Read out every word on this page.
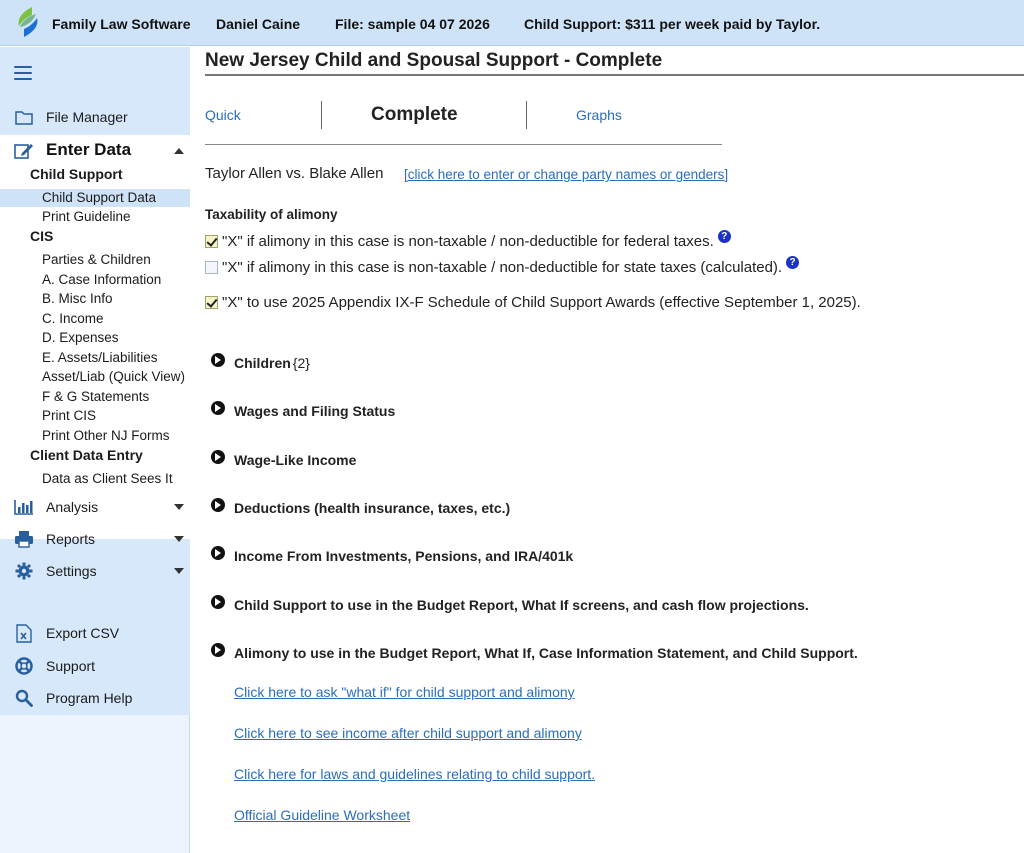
Family Law Software Daniel Caine File: sample 04 07 2026 Child Support: $311 per week paid by Taylor.
File Manager
Enter Data
Child Support
Child Support Data
Print Guideline
CIS
Parties & Children
A. Case Information
B. Misc Info
C. Income
D. Expenses
E. Assets/Liabilities
Asset/Liab (Quick View)
F & G Statements
Print CIS
Print Other NJ Forms
Client Data Entry
Data as Client Sees It
Analysis
Reports
Settings
Export CSV
Support
Program Help
New Jersey Child and Spousal Support - Complete
Quick	Complete	Graphs
Taylor Allen vs. Blake Allen [click here to enter or change party names or genders]
Taxability of alimony
"X" if alimony in this case is non-taxable / non-deductible for federal taxes. ?
"X" if alimony in this case is non-taxable / non-deductible for state taxes (calculated). ?
"X" to use 2025 Appendix IX-F Schedule of Child Support Awards (effective September 1, 2025).
Children {2}
Wages and Filing Status
Wage-Like Income
Deductions (health insurance, taxes, etc.)
Income From Investments, Pensions, and IRA/401k
Child Support to use in the Budget Report, What If screens, and cash flow projections.
Alimony to use in the Budget Report, What If, Case Information Statement, and Child Support.
Click here to ask "what if" for child support and alimony
Click here to see income after child support and alimony
Click here for laws and guidelines relating to child support.
Official Guideline Worksheet
